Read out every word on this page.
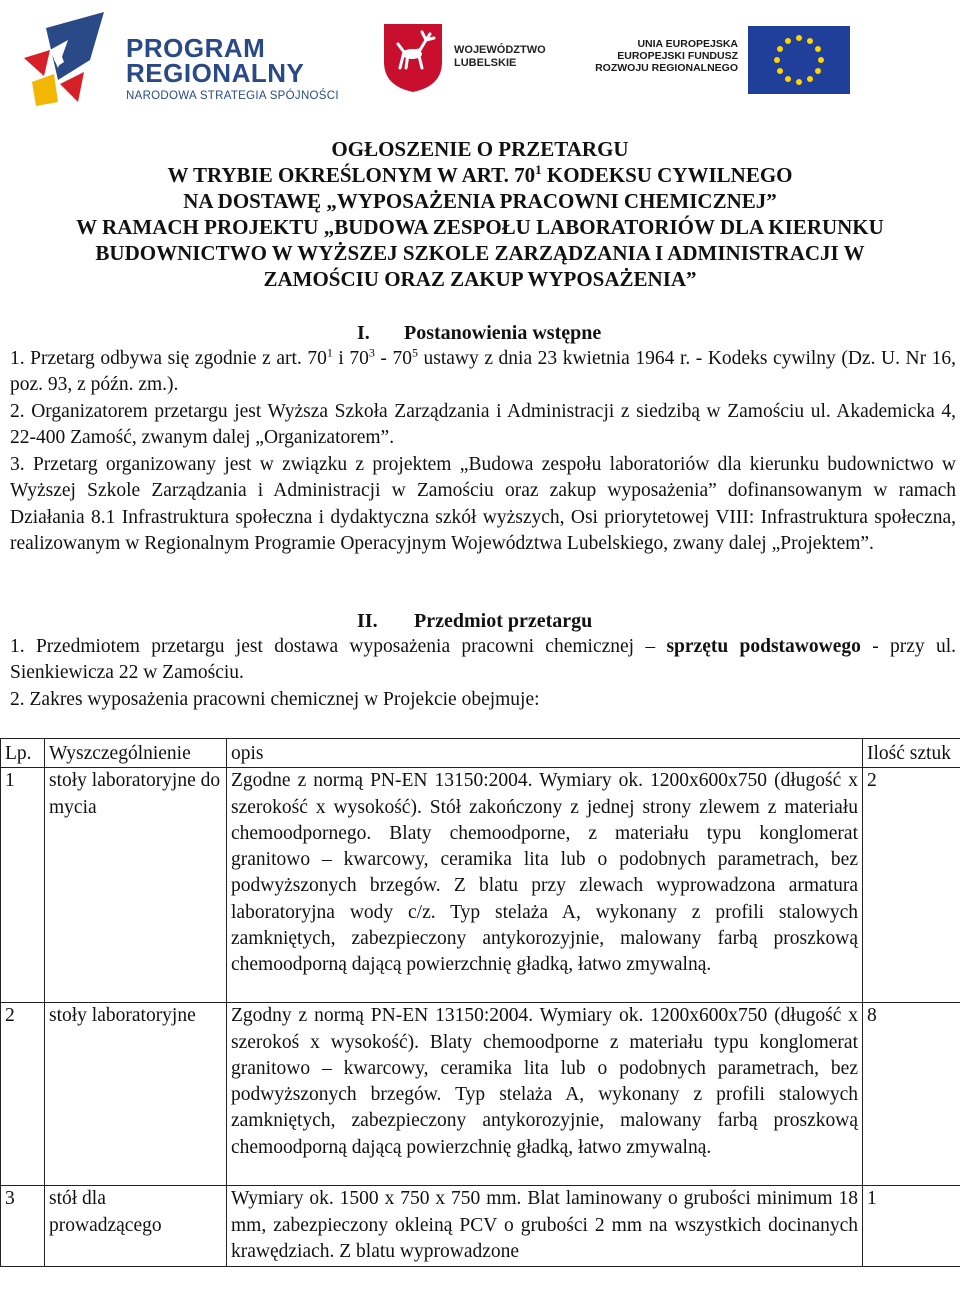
PROGRAM
REGIONALNY
NARODOWA STRATEGIA SPÓJNOŚCI
WOJEWÓDZTWO
LUBELSKIE
UNIA EUROPEJSKA
EUROPEJSKI FUNDUSZ
ROZWOJU REGIONALNEGO
OGŁOSZENIE O PRZETARGU
W TRYBIE OKREŚLONYM W ART. $70^1$ KODEKSU CYWILNEGO
NA DOSTAWĘ „WYPOSAŻENIA PRACOWNI CHEMICZNEJ”
W RAMACH PROJEKTU „BUDOWA ZESPOŁU LABORATORIÓW DLA KIERUNKU
BUDOWNICTWO W WYŻSZEJ SZKOLE ZARZĄDZANIA I ADMINISTRACJI W
ZAMOŚCIU ORAZ ZAKUP WYPOSAŻENIA”
I. Postanowienia wstępne
1. Przetarg odbywa się zgodnie z art. $70^1$ i $70^3 - 70^5$ ustawy z dnia 23 kwietnia 1964 r. - Kodeks cywilny (Dz. U. Nr 16, poz. 93, z późn. zm.).
2. Organizatorem przetargu jest Wyższa Szkoła Zarządzania i Administracji z siedzibą w Zamościu ul. Akademicka 4, 22-400 Zamość, zwanym dalej „Organizatorem”.
3. Przetarg organizowany jest w związku z projektem „Budowa zespołu laboratoriów dla kierunku budownictwo w Wyższej Szkole Zarządzania i Administracji w Zamościu oraz zakup wyposażenia” dofinansowanym w ramach Działania 8.1 Infrastruktura społeczna i dydaktyczna szkół wyższych, Osi priorytetowej VIII: Infrastruktura społeczna, realizowanym w Regionalnym Programie Operacyjnym Województwa Lubelskiego, zwany dalej „Projektem”.
II. Przedmiot przetargu
1. Przedmiotem przetargu jest dostawa wyposażenia pracowni chemicznej – sprzętu podstawowego - przy ul. Sienkiewicza 22 w Zamościu.
2. Zakres wyposażenia pracowni chemicznej w Projekcie obejmuje:
Lp.	Wyszczególnienie	opis	Ilość sztuk
1	stoły laboratoryjne do mycia	Zgodne z normą PN-EN 13150:2004. Wymiary ok. 1200x600x750 (długość x szerokość x wysokość). Stół zakończony z jednej strony zlewem z materiału chemoodpornego. Blaty chemoodporne, z materiału typu konglomerat granitowo – kwarcowy, ceramika lita lub o podobnych parametrach, bez podwyższonych brzegów. Z blatu przy zlewach wyprowadzona armatura laboratoryjna wody c/z. Typ stelaża A, wykonany z profili stalowych zamkniętych, zabezpieczony antykorozyjnie, malowany farbą proszkową chemoodporną dającą powierzchnię gładką, łatwo zmywalną.	2
2	stoły laboratoryjne	Zgodny z normą PN-EN 13150:2004. Wymiary ok. 1200x600x750 (długość x szerokoś x wysokość). Blaty chemoodporne z materiału typu konglomerat granitowo – kwarcowy, ceramika lita lub o podobnych parametrach, bez podwyższonych brzegów. Typ stelaża A, wykonany z profili stalowych zamkniętych, zabezpieczony antykorozyjnie, malowany farbą proszkową chemoodporną dającą powierzchnię gładką, łatwo zmywalną.	8
3	stół dla prowadzącego	Wymiary ok. 1500 x 750 x 750 mm. Blat laminowany o grubości minimum 18 mm, zabezpieczony okleiną PCV o grubości 2 mm na wszystkich docinanych krawędziach. Z blatu wyprowadzone	1
